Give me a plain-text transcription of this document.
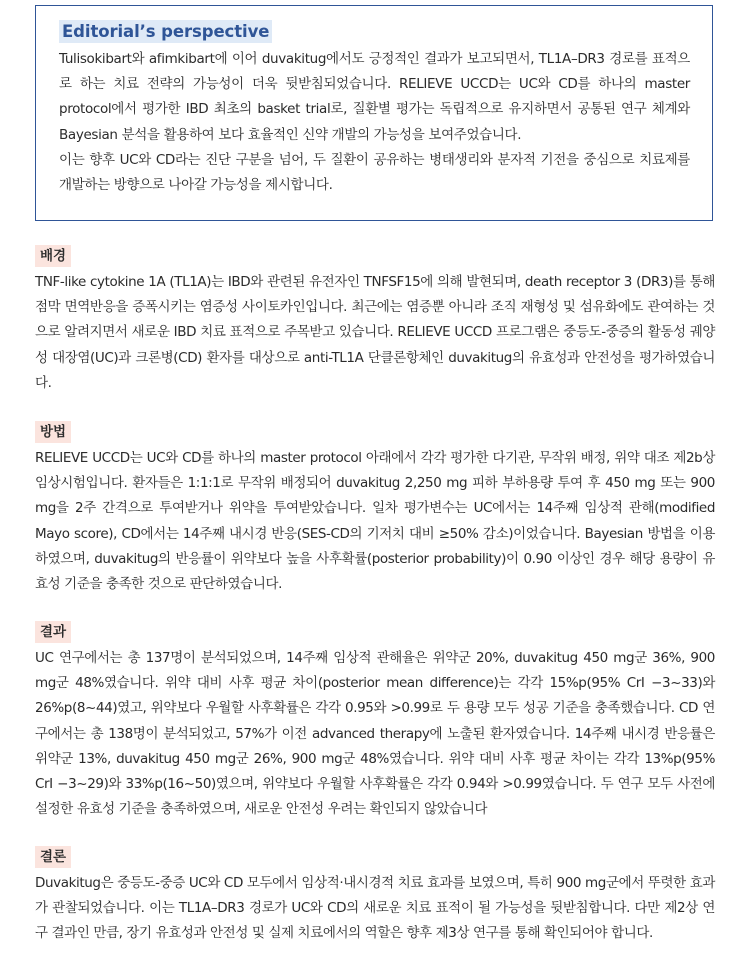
Editorial’s perspective

Tulisokibart와 afimkibart에 이어 duvakitug에서도 긍정적인 결과가 보고되면서, TL1A–DR3 경로를 표적으로 하는 치료 전략의 가능성이 더욱 뒷받침되었습니다. RELIEVE UCCD는 UC와 CD를 하나의 master protocol에서 평가한 IBD 최초의 basket trial로, 질환별 평가는 독립적으로 유지하면서 공통된 연구 체계와 Bayesian 분석을 활용하여 보다 효율적인 신약 개발의 가능성을 보여주었습니다.

이는 향후 UC와 CD라는 진단 구분을 넘어, 두 질환이 공유하는 병태생리와 분자적 기전을 중심으로 치료제를 개발하는 방향으로 나아갈 가능성을 제시합니다.

배경

TNF-like cytokine 1A (TL1A)는 IBD와 관련된 유전자인 TNFSF15에 의해 발현되며, death receptor 3 (DR3)를 통해 점막 면역반응을 증폭시키는 염증성 사이토카인입니다. 최근에는 염증뿐 아니라 조직 재형성 및 섬유화에도 관여하는 것으로 알려지면서 새로운 IBD 치료 표적으로 주목받고 있습니다. RELIEVE UCCD 프로그램은 중등도-중증의 활동성 궤양성 대장염(UC)과 크론병(CD) 환자를 대상으로 anti-TL1A 단클론항체인 duvakitug의 유효성과 안전성을 평가하였습니다.

방법

RELIEVE UCCD는 UC와 CD를 하나의 master protocol 아래에서 각각 평가한 다기관, 무작위 배정, 위약 대조 제2b상 임상시험입니다. 환자들은 1:1:1로 무작위 배정되어 duvakitug 2,250 mg 피하 부하용량 투여 후 450 mg 또는 900 mg을 2주 간격으로 투여받거나 위약을 투여받았습니다. 일차 평가변수는 UC에서는 14주째 임상적 관해(modified Mayo score), CD에서는 14주째 내시경 반응(SES-CD의 기저치 대비 ≥50% 감소)이었습니다. Bayesian 방법을 이용하였으며, duvakitug의 반응률이 위약보다 높을 사후확률(posterior probability)이 0.90 이상인 경우 해당 용량이 유효성 기준을 충족한 것으로 판단하였습니다.

결과

UC 연구에서는 총 137명이 분석되었으며, 14주째 임상적 관해율은 위약군 20%, duvakitug 450 mg군 36%, 900 mg군 48%였습니다. 위약 대비 사후 평균 차이(posterior mean difference)는 각각 15%p(95% CrI −3~33)와 26%p(8~44)였고, 위약보다 우월할 사후확률은 각각 0.95와 >0.99로 두 용량 모두 성공 기준을 충족했습니다. CD 연구에서는 총 138명이 분석되었고, 57%가 이전 advanced therapy에 노출된 환자였습니다. 14주째 내시경 반응률은 위약군 13%, duvakitug 450 mg군 26%, 900 mg군 48%였습니다. 위약 대비 사후 평균 차이는 각각 13%p(95% CrI −3~29)와 33%p(16~50)였으며, 위약보다 우월할 사후확률은 각각 0.94와 >0.99였습니다. 두 연구 모두 사전에 설정한 유효성 기준을 충족하였으며, 새로운 안전성 우려는 확인되지 않았습니다

결론

Duvakitug은 중등도-중증 UC와 CD 모두에서 임상적·내시경적 치료 효과를 보였으며, 특히 900 mg군에서 뚜렷한 효과가 관찰되었습니다. 이는 TL1A–DR3 경로가 UC와 CD의 새로운 치료 표적이 될 가능성을 뒷받침합니다. 다만 제2상 연구 결과인 만큼, 장기 유효성과 안전성 및 실제 치료에서의 역할은 향후 제3상 연구를 통해 확인되어야 합니다.
